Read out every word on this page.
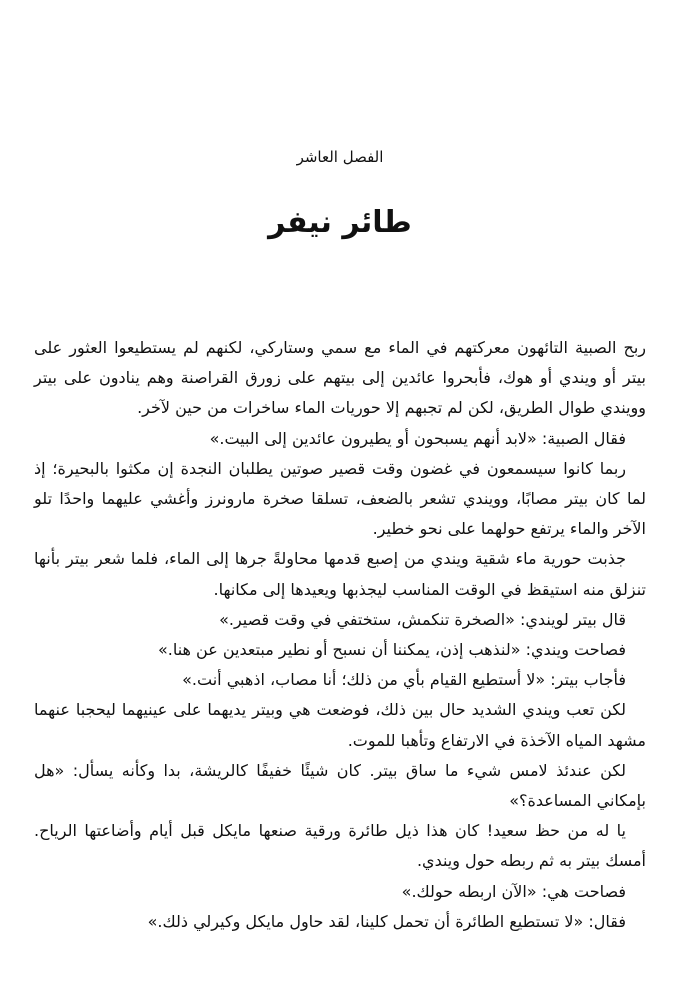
الفصل العاشر
طائر نيفر

ربح الصبية التائهون معركتهم في الماء مع سمي وستاركي، لكنهم لم يستطيعوا العثور على بيتر أو ويندي أو هوك، فأبحروا عائدين إلى بيتهم على زورق القراصنة وهم ينادون على بيتر وويندي طوال الطريق، لكن لم تجبهم إلا حوريات الماء ساخرات من حين لآخر.

فقال الصبية: «لابد أنهم يسبحون أو يطيرون عائدين إلى البيت.»

ربما كانوا سيسمعون في غضون وقت قصير صوتين يطلبان النجدة إن مكثوا بالبحيرة؛ إذ لما كان بيتر مصابًا، وويندي تشعر بالضعف، تسلقا صخرة مارونرز وأغشي عليهما واحدًا تلو الآخر والماء يرتفع حولهما على نحو خطير.

جذبت حورية ماء شقية ويندي من إصبع قدمها محاولةً جرها إلى الماء، فلما شعر بيتر بأنها تنزلق منه استيقظ في الوقت المناسب ليجذبها ويعيدها إلى مكانها.

قال بيتر لويندي: «الصخرة تنكمش، ستختفي في وقت قصير.»

فصاحت ويندي: «لنذهب إذن، يمكننا أن نسبح أو نطير مبتعدين عن هنا.»

فأجاب بيتر: «لا أستطيع القيام بأي من ذلك؛ أنا مصاب، اذهبي أنت.»

لكن تعب ويندي الشديد حال بين ذلك، فوضعت هي وبيتر يديهما على عينيهما ليحجبا عنهما مشهد المياه الآخذة في الارتفاع وتأهبا للموت.

لكن عندئذ لامس شيء ما ساق بيتر. كان شيئًا خفيفًا كالريشة، بدا وكأنه يسأل: «هل بإمكاني المساعدة؟»

يا له من حظ سعيد! كان هذا ذيل طائرة ورقية صنعها مايكل قبل أيام وأضاعتها الرياح. أمسك بيتر به ثم ربطه حول ويندي.

فصاحت هي: «الآن اربطه حولك.»

فقال: «لا تستطيع الطائرة أن تحمل كلينا، لقد حاول مايكل وكيرلي ذلك.»
